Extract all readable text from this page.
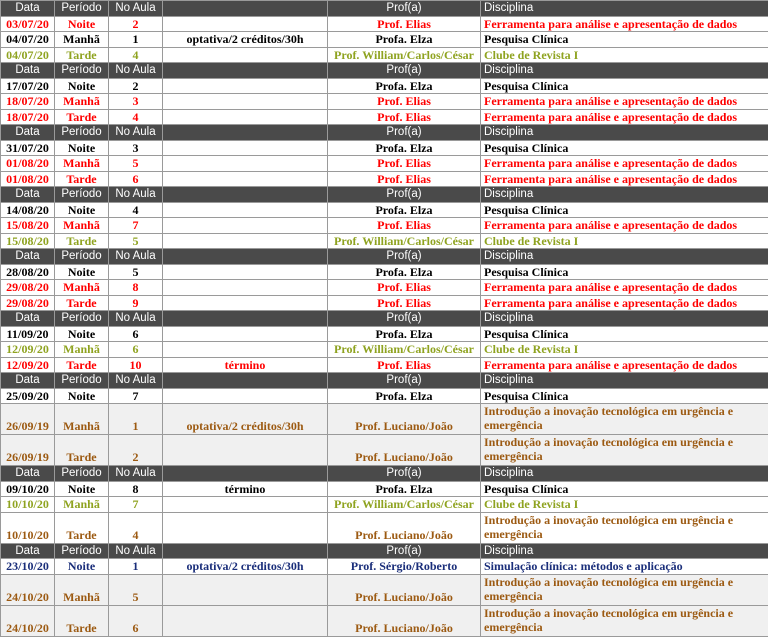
Data	Período	No Aula		Prof(a)	Disciplina
03/07/20	Noite	2		Prof. Elias	Ferramenta para análise e apresentação de dados
04/07/20	Manhã	1	optativa/2 créditos/30h	Profa. Elza	Pesquisa Clínica
04/07/20	Tarde	4		Prof. William/Carlos/César	Clube de Revista I
Data	Período	No Aula		Prof(a)	Disciplina
17/07/20	Noite	2		Profa. Elza	Pesquisa Clínica
18/07/20	Manhã	3		Prof. Elias	Ferramenta para análise e apresentação de dados
18/07/20	Tarde	4		Prof. Elias	Ferramenta para análise e apresentação de dados
Data	Período	No Aula		Prof(a)	Disciplina
31/07/20	Noite	3		Profa. Elza	Pesquisa Clínica
01/08/20	Manhã	5		Prof. Elias	Ferramenta para análise e apresentação de dados
01/08/20	Tarde	6		Prof. Elias	Ferramenta para análise e apresentação de dados
Data	Período	No Aula		Prof(a)	Disciplina
14/08/20	Noite	4		Profa. Elza	Pesquisa Clínica
15/08/20	Manhã	7		Prof. Elias	Ferramenta para análise e apresentação de dados
15/08/20	Tarde	5		Prof. William/Carlos/César	Clube de Revista I
Data	Período	No Aula		Prof(a)	Disciplina
28/08/20	Noite	5		Profa. Elza	Pesquisa Clínica
29/08/20	Manhã	8		Prof. Elias	Ferramenta para análise e apresentação de dados
29/08/20	Tarde	9		Prof. Elias	Ferramenta para análise e apresentação de dados
Data	Período	No Aula		Prof(a)	Disciplina
11/09/20	Noite	6		Profa. Elza	Pesquisa Clínica
12/09/20	Manhã	6		Prof. William/Carlos/César	Clube de Revista I
12/09/20	Tarde	10	término	Prof. Elias	Ferramenta para análise e apresentação de dados
Data	Período	No Aula		Prof(a)	Disciplina
25/09/20	Noite	7		Profa. Elza	Pesquisa Clínica
26/09/19	Manhã	1	optativa/2 créditos/30h	Prof. Luciano/João	Introdução a inovação tecnológica em urgência e emergência
26/09/19	Tarde	2		Prof. Luciano/João	Introdução a inovação tecnológica em urgência e emergência
Data	Período	No Aula		Prof(a)	Disciplina
09/10/20	Noite	8	término	Profa. Elza	Pesquisa Clínica
10/10/20	Manhã	7		Prof. William/Carlos/César	Clube de Revista I
10/10/20	Tarde	4		Prof. Luciano/João	Introdução a inovação tecnológica em urgência e emergência
Data	Período	No Aula		Prof(a)	Disciplina
23/10/20	Noite	1	optativa/2 créditos/30h	Prof. Sérgio/Roberto	Simulação clínica: métodos e aplicação
24/10/20	Manhã	5		Prof. Luciano/João	Introdução a inovação tecnológica em urgência e emergência
24/10/20	Tarde	6		Prof. Luciano/João	Introdução a inovação tecnológica em urgência e emergência
